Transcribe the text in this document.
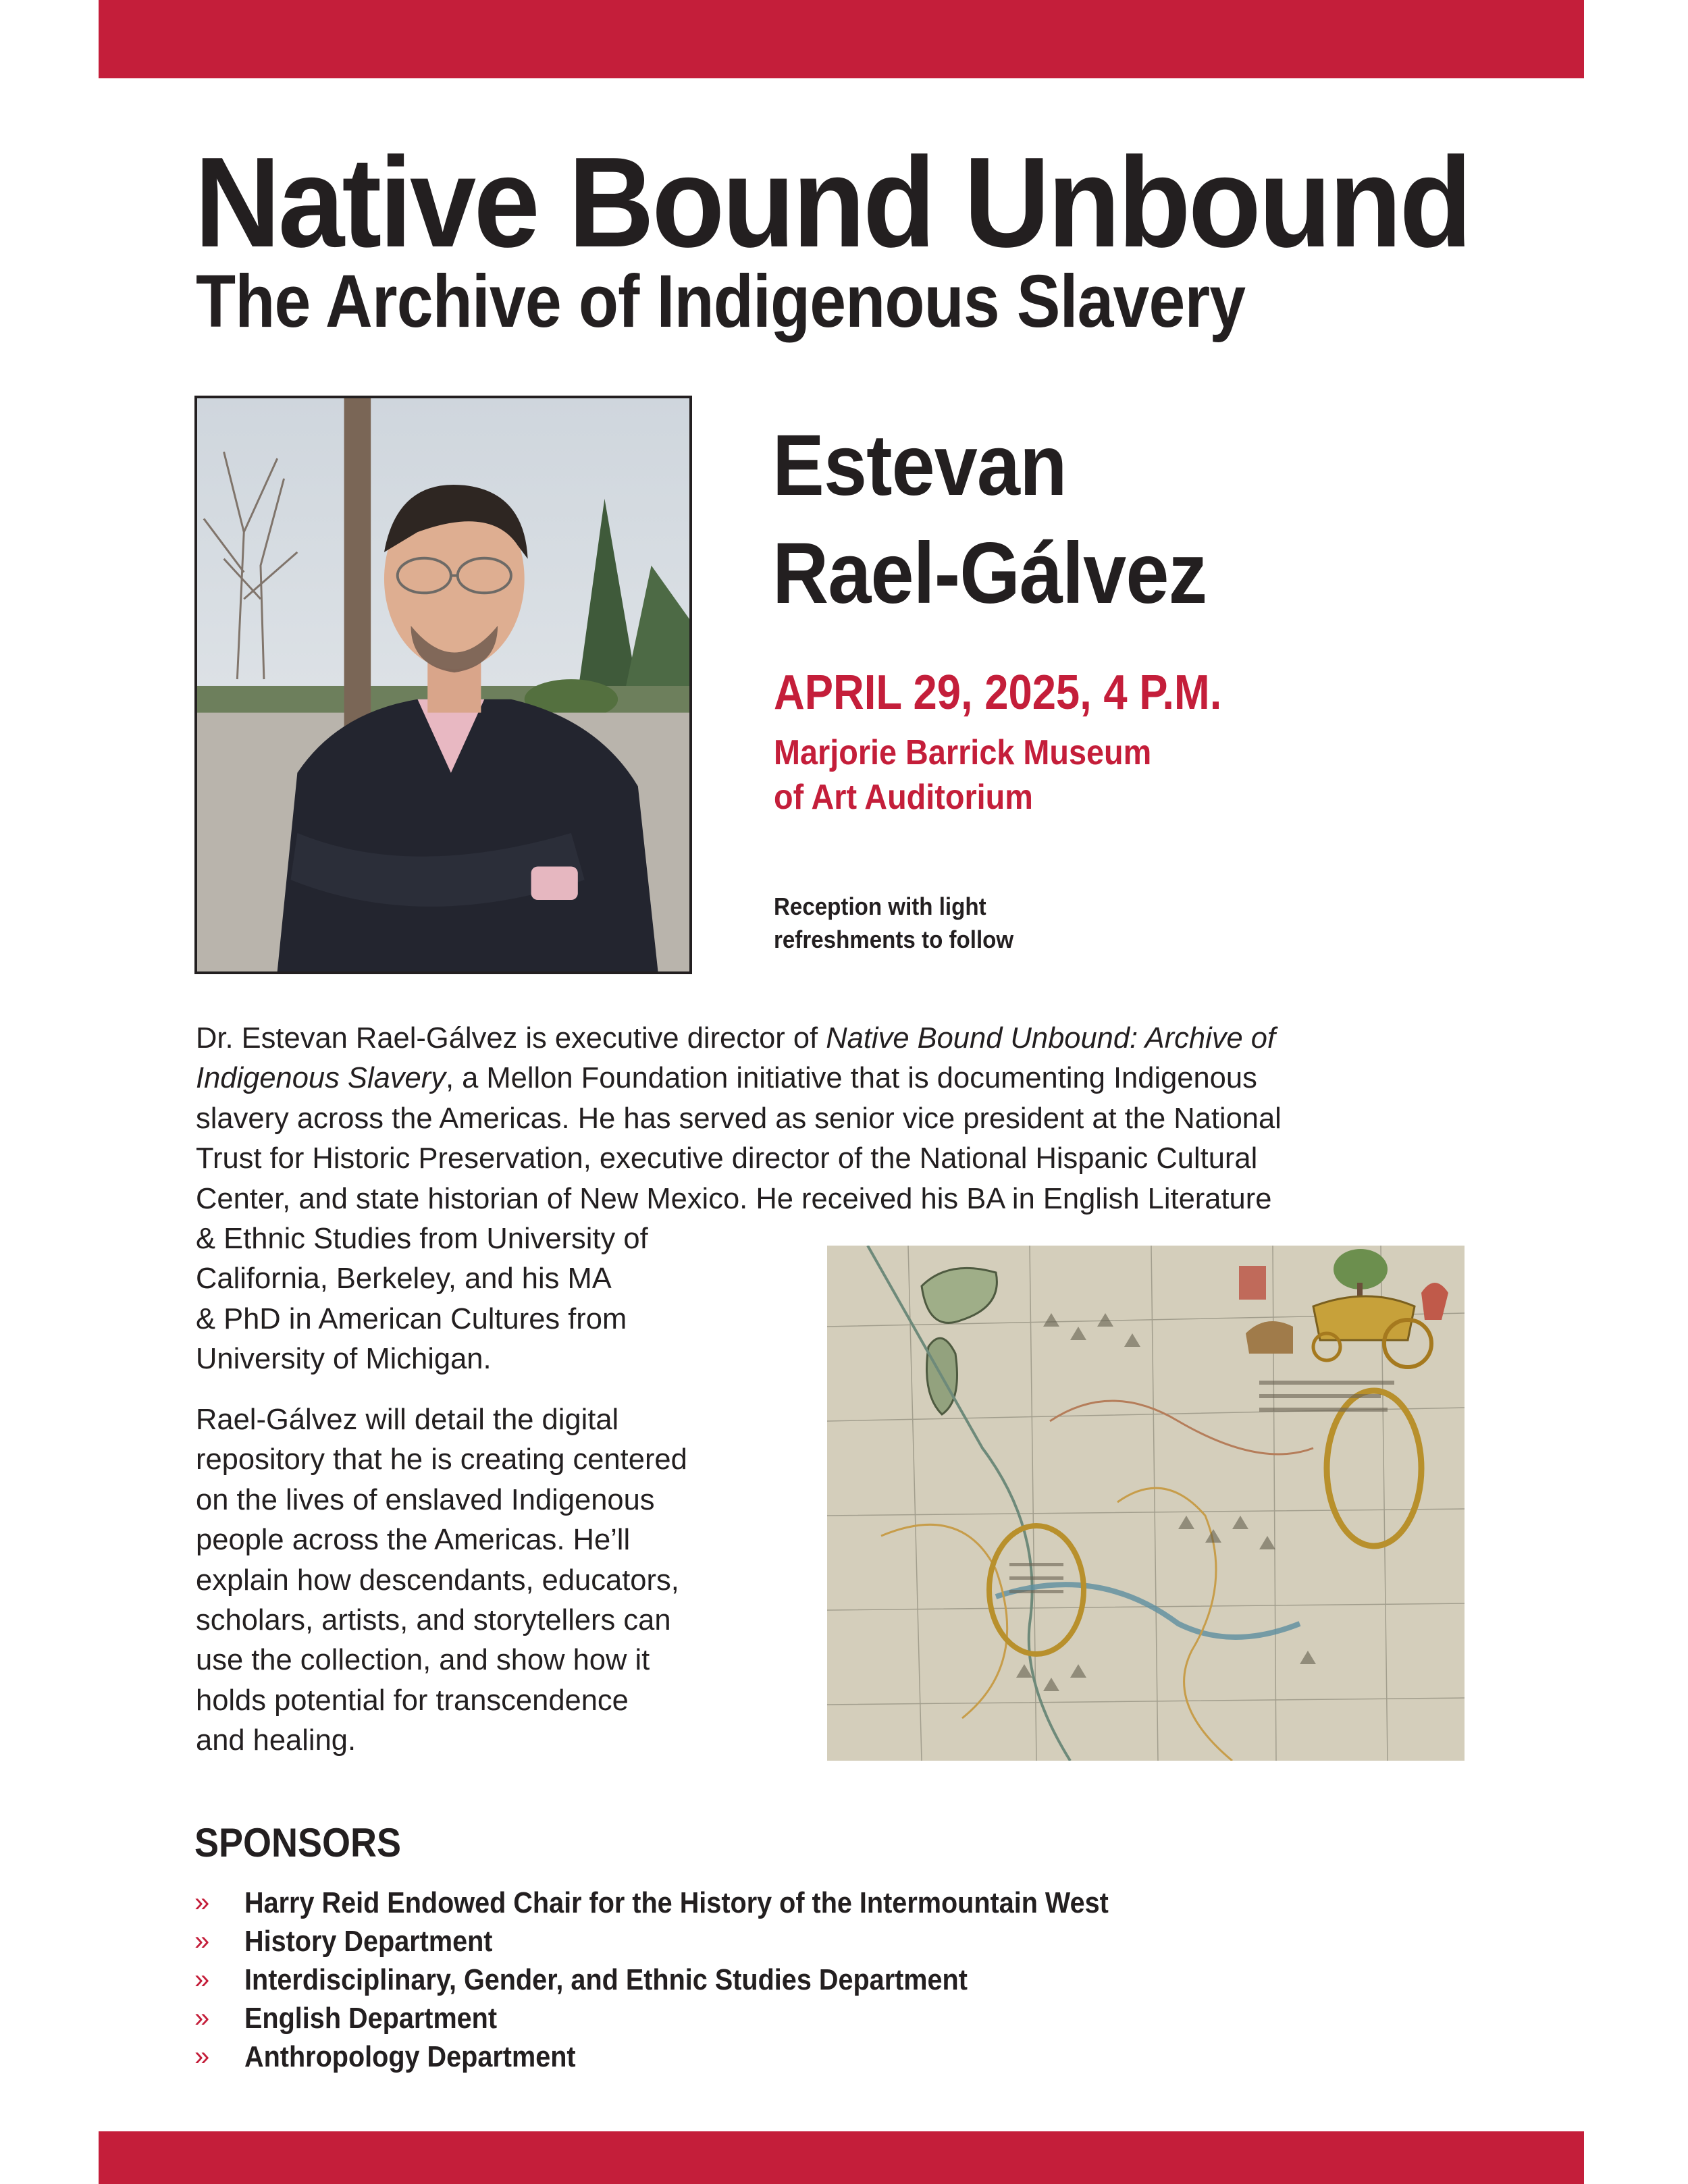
Native Bound Unbound
The Archive of Indigenous Slavery
Estevan
Rael-Gálvez
APRIL 29, 2025, 4 P.M.
Marjorie Barrick Museum
of Art Auditorium
Reception with light
refreshments to follow

Dr. Estevan Rael-Gálvez is executive director of Native Bound Unbound: Archive of
Indigenous Slavery, a Mellon Foundation initiative that is documenting Indigenous
slavery across the Americas. He has served as senior vice president at the National
Trust for Historic Preservation, executive director of the National Hispanic Cultural
Center, and state historian of New Mexico. He received his BA in English Literature
& Ethnic Studies from University of
California, Berkeley, and his MA
& PhD in American Cultures from
University of Michigan.

Rael-Gálvez will detail the digital
repository that he is creating centered
on the lives of enslaved Indigenous
people across the Americas. He’ll
explain how descendants, educators,
scholars, artists, and storytellers can
use the collection, and show how it
holds potential for transcendence
and healing.

SPONSORS
»	Harry Reid Endowed Chair for the History of the Intermountain West
»	History Department
»	Interdisciplinary, Gender, and Ethnic Studies Department
»	English Department
»	Anthropology Department
